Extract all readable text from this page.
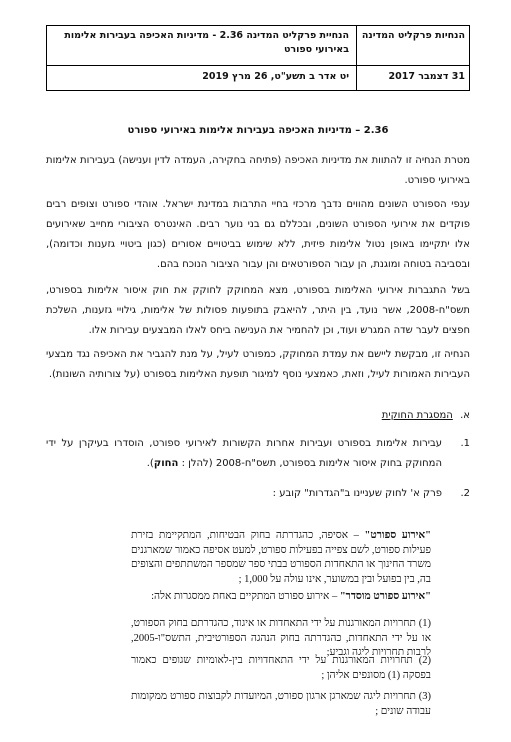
הנחיות פרקליט המדינה
הנחיית פרקליט המדינה 2.36 - מדיניות האכיפה בעבירות אלימות באירועי ספורט
31 דצמבר 2017
יט אדר ב תשע"ט, 26 מרץ 2019
2.36 – מדיניות האכיפה בעבירות אלימות באירועי ספורט
מטרת הנחיה זו להתוות את מדיניות האכיפה (פתיחה בחקירה, העמדה לדין וענישה) בעבירות אלימות באירועי ספורט.
ענפי הספורט השונים מהווים נדבך מרכזי בחיי התרבות במדינת ישראל. אוהדי ספורט וצופים רבים פוקדים את אירועי הספורט השונים, ובכללם גם בני נוער רבים. האינטרס הציבורי מחייב שאירועים אלו יתקיימו באופן נטול אלימות פיזית, ללא שימוש בביטויים אסורים (כגון ביטויי גזענות וכדומה), ובסביבה בטוחה ומוגנת, הן עבור הספורטאים והן עבור הציבור הנוכח בהם.
בשל התגברות אירועי האלימות בספורט, מצא המחוקק לחוקק את חוק איסור אלימות בספורט, תשס"ח-2008, אשר נועד, בין היתר, להיאבק בתופעות פסולות של אלימות, גילויי גזענות, השלכת חפצים לעבר שדה המגרש ועוד, וכן להחמיר את הענישה ביחס לאלו המבצעים עבירות אלו.
הנחיה זו, מבקשת ליישם את עמדת המחוקק, כמפורט לעיל, על מנת להגביר את האכיפה נגד מבצעי העבירות האמורות לעיל, וזאת, כאמצעי נוסף למיגור תופעת האלימות בספורט (על צורותיה השונות).
א. המסגרת החוקית
1.
עבירות אלימות בספורט ועבירות אחרות הקשורות לאירועי ספורט, הוסדרו בעיקרן על ידי המחוקק בחוק איסור אלימות בספורט, תשס"ח-2008 (להלן : החוק).
2.
פרק א' לחוק שעניינו ב"הגדרות" קובע :
"אירוע ספורט" – אסיפה, כהגדרתה בחוק הבטיחות, המתקיימת בזירת פעילות ספורט, לשם צפייה בפעילות ספורט, למעט אסיפה כאמור שמארגנים משרד החינוך או התאחדות הספורט בבתי ספר שמספר המשתתפים והצופים בה, בין בפועל ובין במשוער, אינו עולה על 1,000 ;
"אירוע ספורט מוסדר" – אירוע ספורט המתקיים באחת ממסגרות אלה:
(1) תחרויות המאורגנות על ידי התאחדות או איגוד, כהגדרתם בחוק הספורט, או על ידי התאחדות, כהגדרתה בחוק הנהגה הספורטיבית, התשס"ו-2005, לרבות תחרויות ליגה וגביע;
(2) תחרויות המאורגנות על ידי התאחדויות בין-לאומיות שגופים כאמור בפסקה (1) מסונפים אליהן ;
(3) תחרויות ליגה שמארגן ארגון ספורט, המיועדות לקבוצות ספורט ממקומות עבודה שונים ;
